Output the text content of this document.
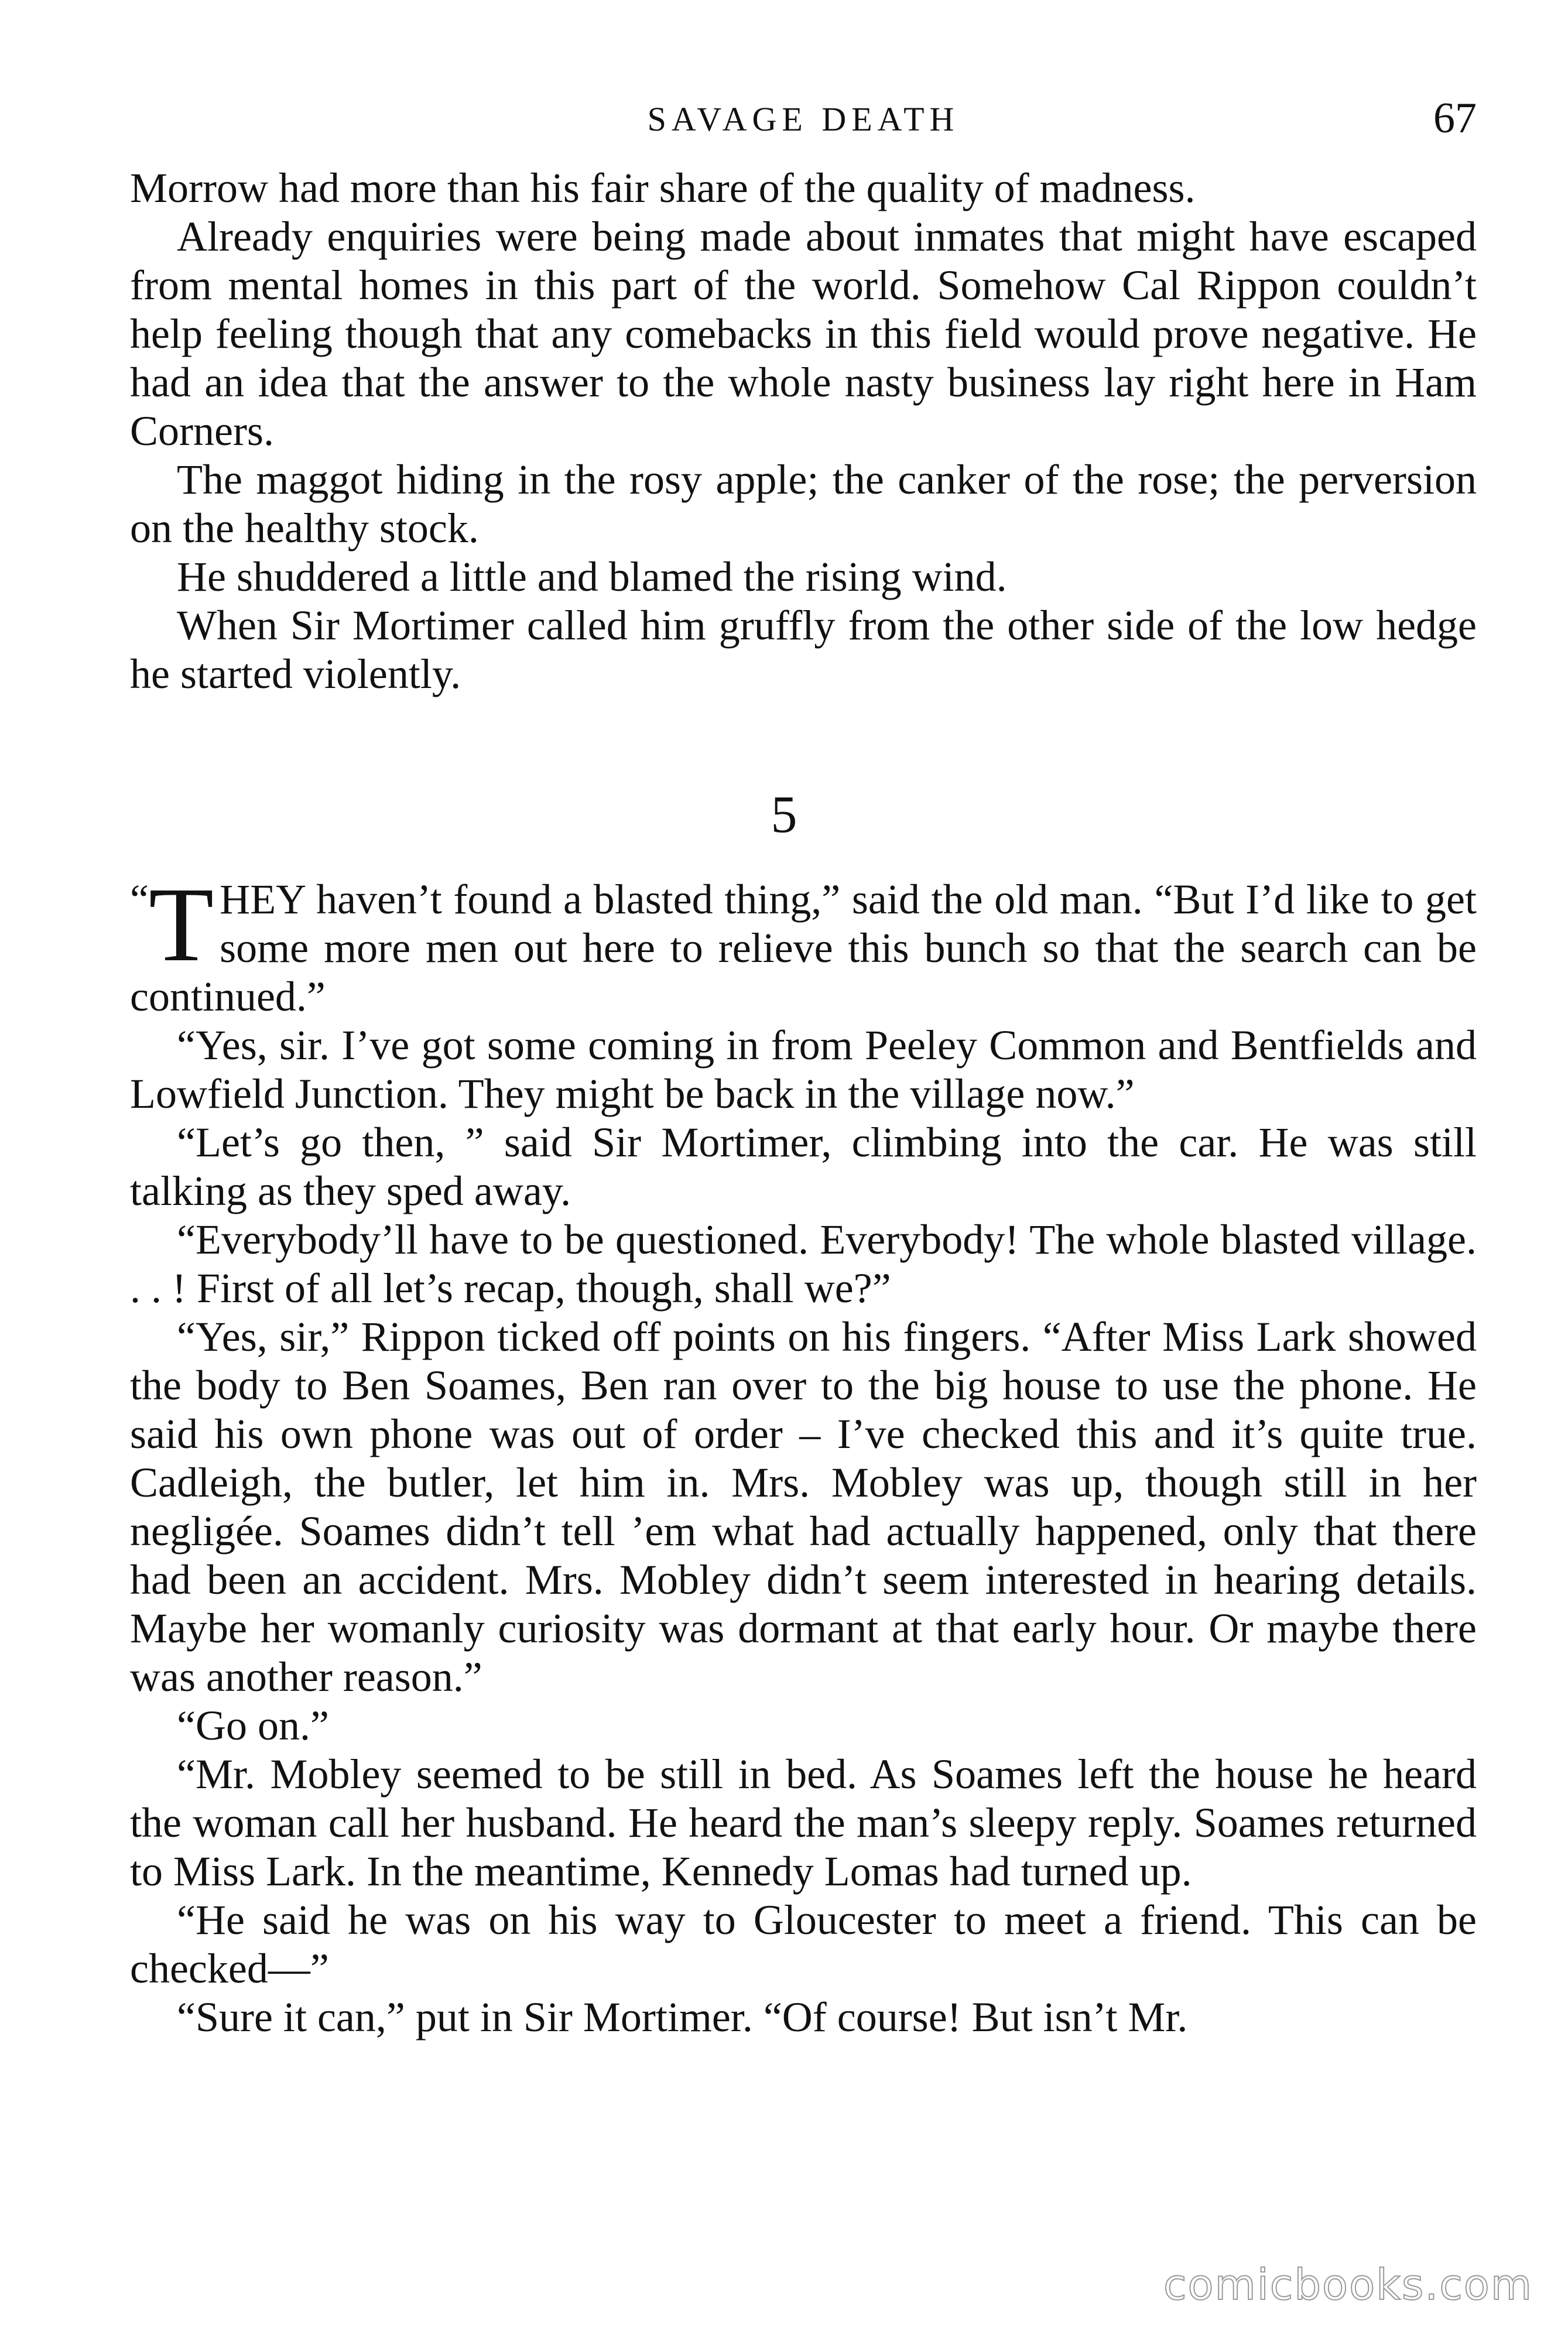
SAVAGE DEATH	67

Morrow had more than his fair share of the quality of madness.

Already enquiries were being made about inmates that might have escaped from mental homes in this part of the world. Somehow Cal Rippon couldn’t help feeling though that any comebacks in this field would prove negative. He had an idea that the answer to the whole nasty business lay right here in Ham Corners.

The maggot hiding in the rosy apple; the canker of the rose; the perversion on the healthy stock.

He shuddered a little and blamed the rising wind.

When Sir Mortimer called him gruffly from the other side of the low hedge he started violently.

5

“ T HEY haven’t found a blasted thing,” said the old man. “But I’d like to get some more men out here to relieve this bunch so that the search can be continued.”

“Yes, sir. I’ve got some coming in from Peeley Common and Bentfields and Lowfield Junction. They might be back in the village now.”

“Let’s go then, ” said Sir Mortimer, climbing into the car. He was still talking as they sped away.

“Everybody’ll have to be questioned. Everybody! The whole blasted village. . . ! First of all let’s recap, though, shall we?”

“Yes, sir,” Rippon ticked off points on his fingers. “After Miss Lark showed the body to Ben Soames, Ben ran over to the big house to use the phone. He said his own phone was out of order – I’ve checked this and it’s quite true. Cadleigh, the butler, let him in. Mrs. Mobley was up, though still in her negligée. Soames didn’t tell ’em what had actually happened, only that there had been an accident. Mrs. Mobley didn’t seem interested in hearing details. Maybe her womanly curiosity was dormant at that early hour. Or maybe there was another reason.”

“Go on.”

“Mr. Mobley seemed to be still in bed. As Soames left the house he heard the woman call her husband. He heard the man’s sleepy reply. Soames returned to Miss Lark. In the meantime, Kennedy Lomas had turned up.

“He said he was on his way to Gloucester to meet a friend. This can be checked—”

“Sure it can,” put in Sir Mortimer. “Of course! But isn’t Mr.

comicbooks.com
